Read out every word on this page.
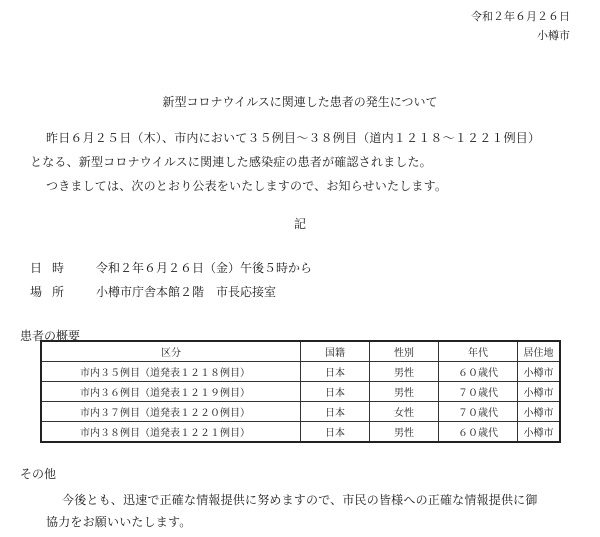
令和２年６月２６日
小樽市
新型コロナウイルスに関連した患者の発生について
昨日６月２５日（木）、市内において３５例目～３８例目（道内１２１８～１２２１例目）
となる、新型コロナウイルスに関連した感染症の患者が確認されました。
つきましては、次のとおり公表をいたしますので、お知らせいたします。
記
日時 令和２年６月２６日（金）午後５時から
場所 小樽市庁舎本館２階　市長応接室
患者の概要
区分	国籍	性別	年代	居住地
市内３５例目（道発表１２１８例目）	日本	男性	６０歳代	小樽市
市内３６例目（道発表１２１９例目）	日本	男性	７０歳代	小樽市
市内３７例目（道発表１２２０例目）	日本	女性	７０歳代	小樽市
市内３８例目（道発表１２２１例目）	日本	男性	６０歳代	小樽市
その他
今後とも、迅速で正確な情報提供に努めますので、市民の皆様への正確な情報提供に御
協力をお願いいたします。
